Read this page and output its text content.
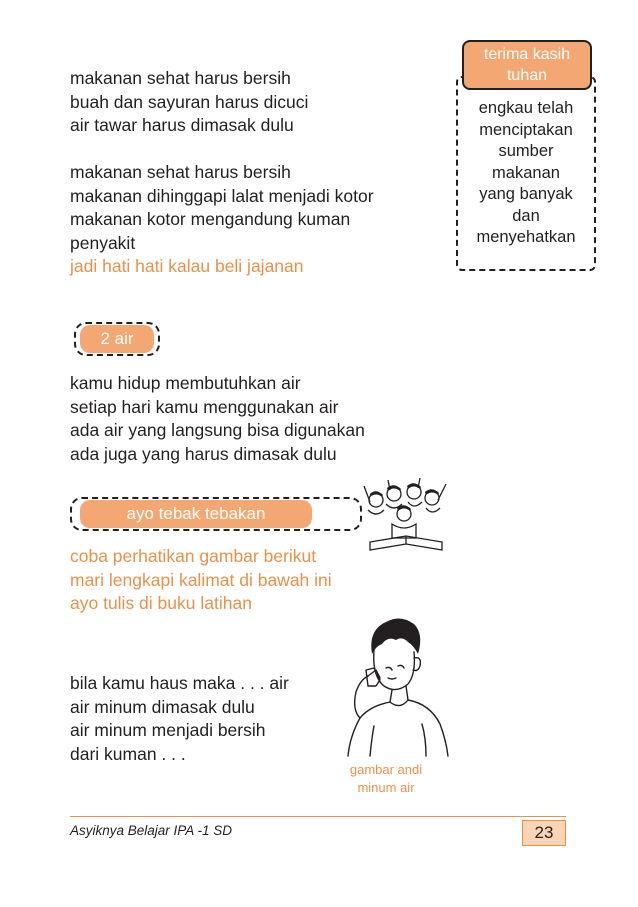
terima kasih
tuhan
engkau telah
menciptakan
sumber
makanan
yang banyak
dan
menyehatkan
makanan sehat harus bersih
buah dan sayuran harus dicuci
air tawar harus dimasak dulu
makanan sehat harus bersih
makanan dihinggapi lalat menjadi kotor
makanan kotor mengandung kuman
penyakit
jadi hati hati kalau beli jajanan
2 air
kamu hidup membutuhkan air
setiap hari kamu menggunakan air
ada air yang langsung bisa digunakan
ada juga yang harus dimasak dulu
ayo tebak tebakan
coba perhatikan gambar berikut
mari lengkapi kalimat di bawah ini
ayo tulis di buku latihan
bila kamu haus maka . . . air
air minum dimasak dulu
air minum menjadi bersih
dari kuman . . .
gambar andi
minum air
Asyiknya Belajar IPA -1 SD	23
